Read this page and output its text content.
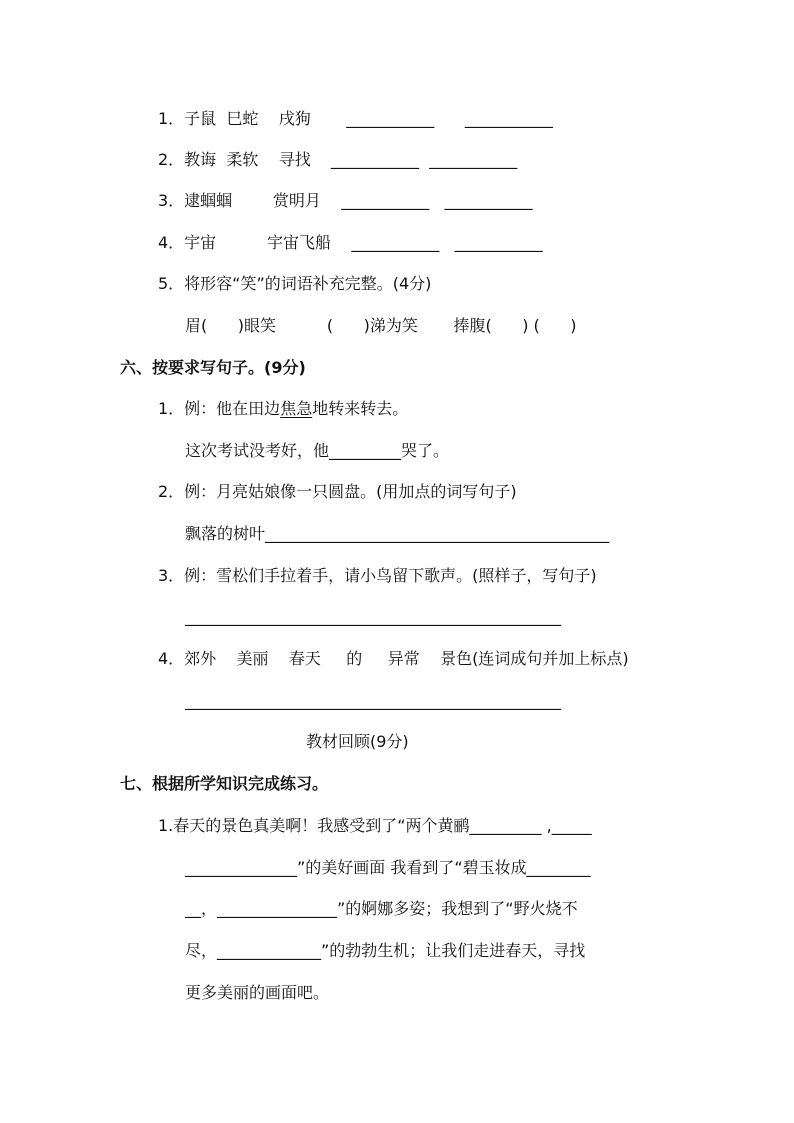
1．子鼠  巳蛇    戌狗       ___________      ___________
2．教诲  柔软    寻找    ___________  ___________
3．逮蝈蝈        赏明月    ___________   ___________
4．宇宙          宇宙飞船    ___________   ___________
5．将形容“笑”的词语补充完整。(4分)
眉(      )眼笑          (      )涕为笑       捧腹(      ) (      )
六、按要求写句子。(9分)
1．例：他在田边焦急地转来转去。
这次考试没考好，他_________哭了。
2．例：月亮姑娘像一只圆盘。(用加点的词写句子)
飘落的树叶___________________________________________
3．例：雪松们手拉着手，请小鸟留下歌声。(照样子，写句子)
_______________________________________________
4．郊外    美丽    春天     的     异常    景色(连词成句并加上标点)
_______________________________________________
教材回顾(9分)
七、根据所学知识完成练习。
1.春天的景色真美啊！我感受到了“两个黄鹂_________ ,_____
______________”的美好画面 我看到了“碧玉妆成________
__，_______________”的婀娜多姿；我想到了“野火烧不
尽，_____________”的勃勃生机；让我们走进春天，寻找
更多美丽的画面吧。
